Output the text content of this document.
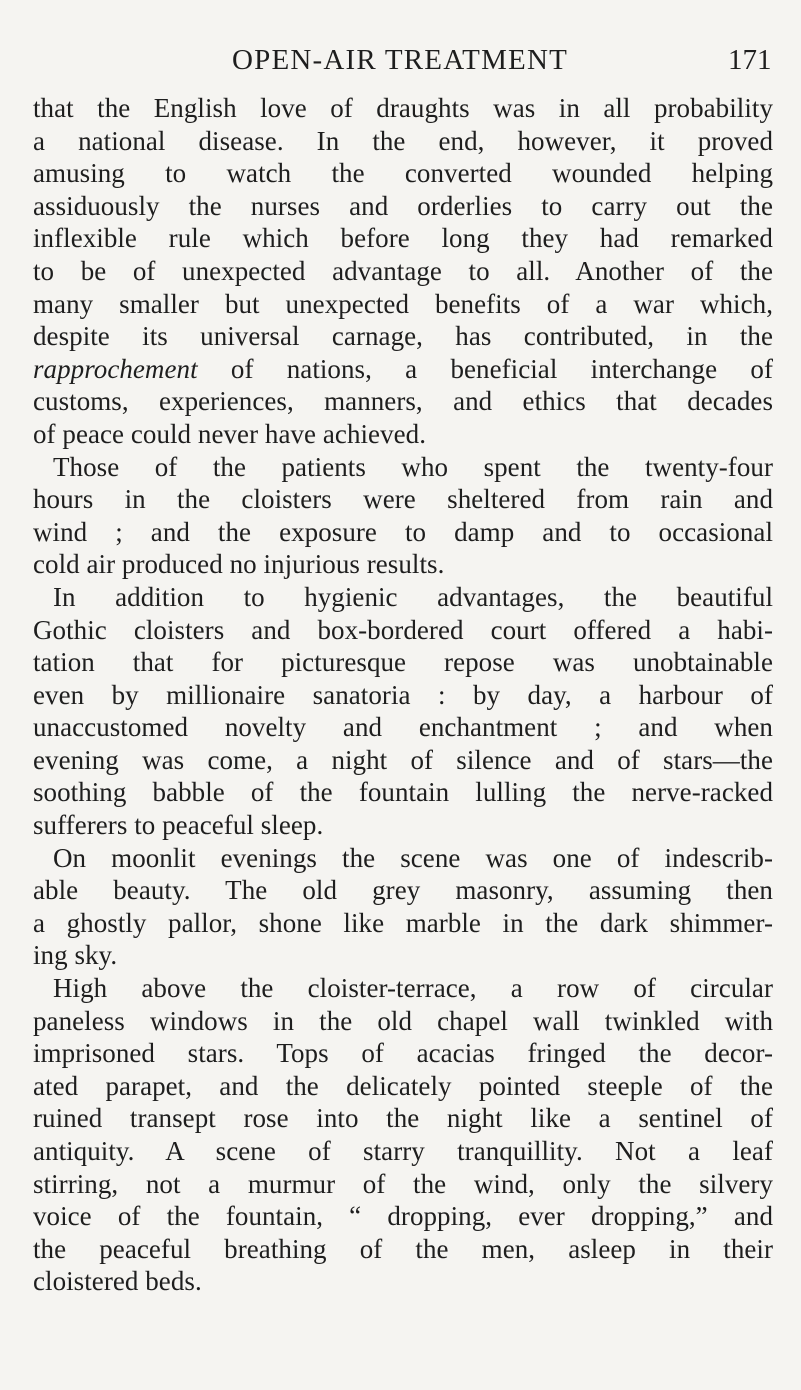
OPEN-AIR TREATMENT	171
that the English love of draughts was in all probability
a national disease. In the end, however, it proved
amusing to watch the converted wounded helping
assiduously the nurses and orderlies to carry out the
inflexible rule which before long they had remarked
to be of unexpected advantage to all. Another of the
many smaller but unexpected benefits of a war which,
despite its universal carnage, has contributed, in the
rapprochement of nations, a beneficial interchange of
customs, experiences, manners, and ethics that decades
of peace could never have achieved.
Those of the patients who spent the twenty-four
hours in the cloisters were sheltered from rain and
wind ; and the exposure to damp and to occasional
cold air produced no injurious results.
In addition to hygienic advantages, the beautiful
Gothic cloisters and box-bordered court offered a habi-
tation that for picturesque repose was unobtainable
even by millionaire sanatoria : by day, a harbour of
unaccustomed novelty and enchantment ; and when
evening was come, a night of silence and of stars—the
soothing babble of the fountain lulling the nerve-racked
sufferers to peaceful sleep.
On moonlit evenings the scene was one of indescrib-
able beauty. The old grey masonry, assuming then
a ghostly pallor, shone like marble in the dark shimmer-
ing sky.
High above the cloister-terrace, a row of circular
paneless windows in the old chapel wall twinkled with
imprisoned stars. Tops of acacias fringed the decor-
ated parapet, and the delicately pointed steeple of the
ruined transept rose into the night like a sentinel of
antiquity. A scene of starry tranquillity. Not a leaf
stirring, not a murmur of the wind, only the silvery
voice of the fountain, “ dropping, ever dropping,” and
the peaceful breathing of the men, asleep in their
cloistered beds.
